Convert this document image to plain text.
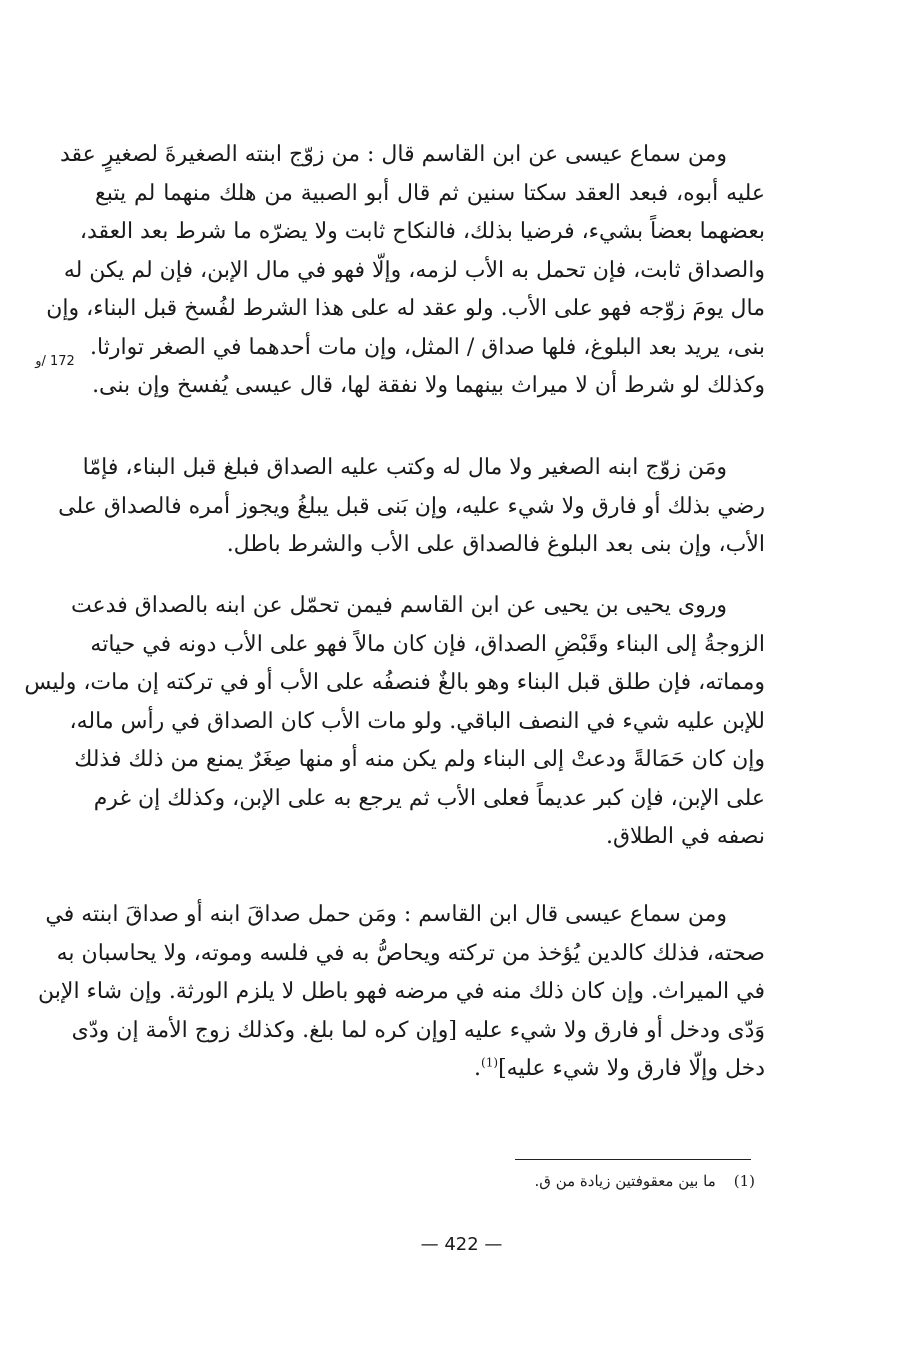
172 /و
ومن سماع عيسى عن ابن القاسم قال : من زوّج ابنته الصغيرةَ لصغيرٍ عقد
عليه أبوه، فبعد العقد سكتا سنين ثم قال أبو الصبية من هلك منهما لم يتبع
بعضهما بعضاً بشيء، فرضيا بذلك، فالنكاح ثابت ولا يضرّه ما شرط بعد العقد،
والصداق ثابت، فإن تحمل به الأب لزمه، وإلّا فهو في مال الإبن، فإن لم يكن له
مال يومَ زوّجه فهو على الأب. ولو عقد له على هذا الشرط لفُسخ قبل البناء، وإن
بنى، يريد بعد البلوغ، فلها صداق / المثل، وإن مات أحدهما في الصغر توارثا.
وكذلك لو شرط أن لا ميراث بينهما ولا نفقة لها، قال عيسى يُفسخ وإن بنى.
ومَن زوّج ابنه الصغير ولا مال له وكتب عليه الصداق فبلغ قبل البناء، فإمّا
رضي بذلك أو فارق ولا شيء عليه، وإن بَنى قبل يبلغُ ويجوز أمره فالصداق على
الأب، وإن بنى بعد البلوغ فالصداق على الأب والشرط باطل.
وروى يحيى بن يحيى عن ابن القاسم فيمن تحمّل عن ابنه بالصداق فدعت
الزوجةُ إلى البناء وقَبْضِ الصداق، فإن كان مالاً فهو على الأب دونه في حياته
ومماته، فإن طلق قبل البناء وهو بالغٌ فنصفُه على الأب أو في تركته إن مات، وليس
للإبن عليه شيء في النصف الباقي. ولو مات الأب كان الصداق في رأس ماله،
وإن كان حَمَالةً ودعتْ إلى البناء ولم يكن منه أو منها صِغَرٌ يمنع من ذلك فذلك
على الإبن، فإن كبر عديماً فعلى الأب ثم يرجع به على الإبن، وكذلك إن غرم
نصفه في الطلاق.
ومن سماع عيسى قال ابن القاسم : ومَن حمل صداقَ ابنه أو صداقَ ابنته في
صحته، فذلك كالدين يُؤخذ من تركته ويحاصُّ به في فلسه وموته، ولا يحاسبان به
في الميراث. وإن كان ذلك منه في مرضه فهو باطل لا يلزم الورثة. وإن شاء الإبن
وَدّى ودخل أو فارق ولا شيء عليه [وإن كره لما بلغ. وكذلك زوج الأمة إن ودّى
دخل وإلّا فارق ولا شيء عليه]$^{(1)}$.
(1)ما بين معقوفتين زيادة من ق.
— 422 —
